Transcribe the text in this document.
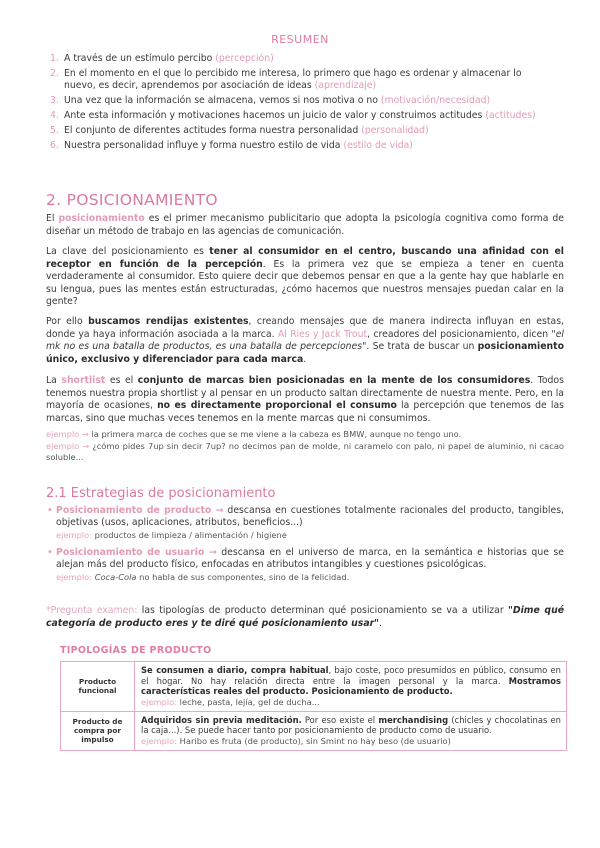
RESUMEN
1. A través de un estímulo percibo (percepción)
2. En el momento en el que lo percibido me interesa, lo primero que hago es ordenar y almacenar lo nuevo, es decir, aprendemos por asociación de ideas (aprendizaje)
3. Una vez que la información se almacena, vemos si nos motiva o no (motivación/necesidad)
4. Ante esta información y motivaciones hacemos un juicio de valor y construimos actitudes (actitudes)
5. El conjunto de diferentes actitudes forma nuestra personalidad (personalidad)
6. Nuestra personalidad influye y forma nuestro estilo de vida (estilo de vida)
2. POSICIONAMIENTO

El posicionamiento es el primer mecanismo publicitario que adopta la psicología cognitiva como forma de diseñar un método de trabajo en las agencias de comunicación.

La clave del posicionamiento es tener al consumidor en el centro, buscando una afinidad con el receptor en función de la percepción. Es la primera vez que se empieza a tener en cuenta verdaderamente al consumidor. Esto quiere decir que debemos pensar en que a la gente hay que hablarle en su lengua, pues las mentes están estructuradas, ¿cómo hacemos que nuestros mensajes puedan calar en la gente?

Por ello buscamos rendijas existentes, creando mensajes que de manera indirecta influyan en estas, donde ya haya información asociada a la marca. Al Ries y Jack Trout, creadores del posicionamiento, dicen "el mk no es una batalla de productos, es una batalla de percepciones". Se trata de buscar un posicionamiento único, exclusivo y diferenciador para cada marca.

La shortlist es el conjunto de marcas bien posicionadas en la mente de los consumidores. Todos tenemos nuestra propia shortlist y al pensar en un producto saltan directamente de nuestra mente. Pero, en la mayoría de ocasiones, no es directamente proporcional el consumo la percepción que tenemos de las marcas, sino que muchas veces tenemos en la mente marcas que ni consumimos.

ejemplo → la primera marca de coches que se me viene a la cabeza es BMW, aunque no tengo uno.

ejemplo → ¿cómo pides 7up sin decir 7up? no decimos pan de molde, ni caramelo con palo, ni papel de aluminio, ni cacao soluble...

2.1 Estrategias de posicionamiento
• Posicionamiento de producto → descansa en cuestiones totalmente racionales del producto, tangibles, objetivas (usos, aplicaciones, atributos, beneficios...)
ejemplo: productos de limpieza / alimentación / higiene
• Posicionamiento de usuario → descansa en el universo de marca, en la semántica e historias que se alejan más del producto físico, enfocadas en atributos intangibles y cuestiones psicológicas.
ejemplo: Coca-Cola no habla de sus componentes, sino de la felicidad.

*Pregunta examen: las tipologías de producto determinan qué posicionamiento se va a utilizar "Dime qué categoría de producto eres y te diré qué posicionamiento usar".

TIPOLOGÍAS DE PRODUCTO
Producto funcional
Se consumen a diario, compra habitual, bajo coste, poco presumidos en público, consumo en el hogar. No hay relación directa entre la imagen personal y la marca. Mostramos características reales del producto. Posicionamiento de producto.
ejemplo: leche, pasta, lejía, gel de ducha...
Producto de compra por impulso
Adquiridos sin previa meditación. Por eso existe el merchandising (chicles y chocolatinas en la caja...). Se puede hacer tanto por posicionamiento de producto como de usuario.
ejemplo: Haribo es fruta (de producto), sin Smint no hay beso (de usuario)
